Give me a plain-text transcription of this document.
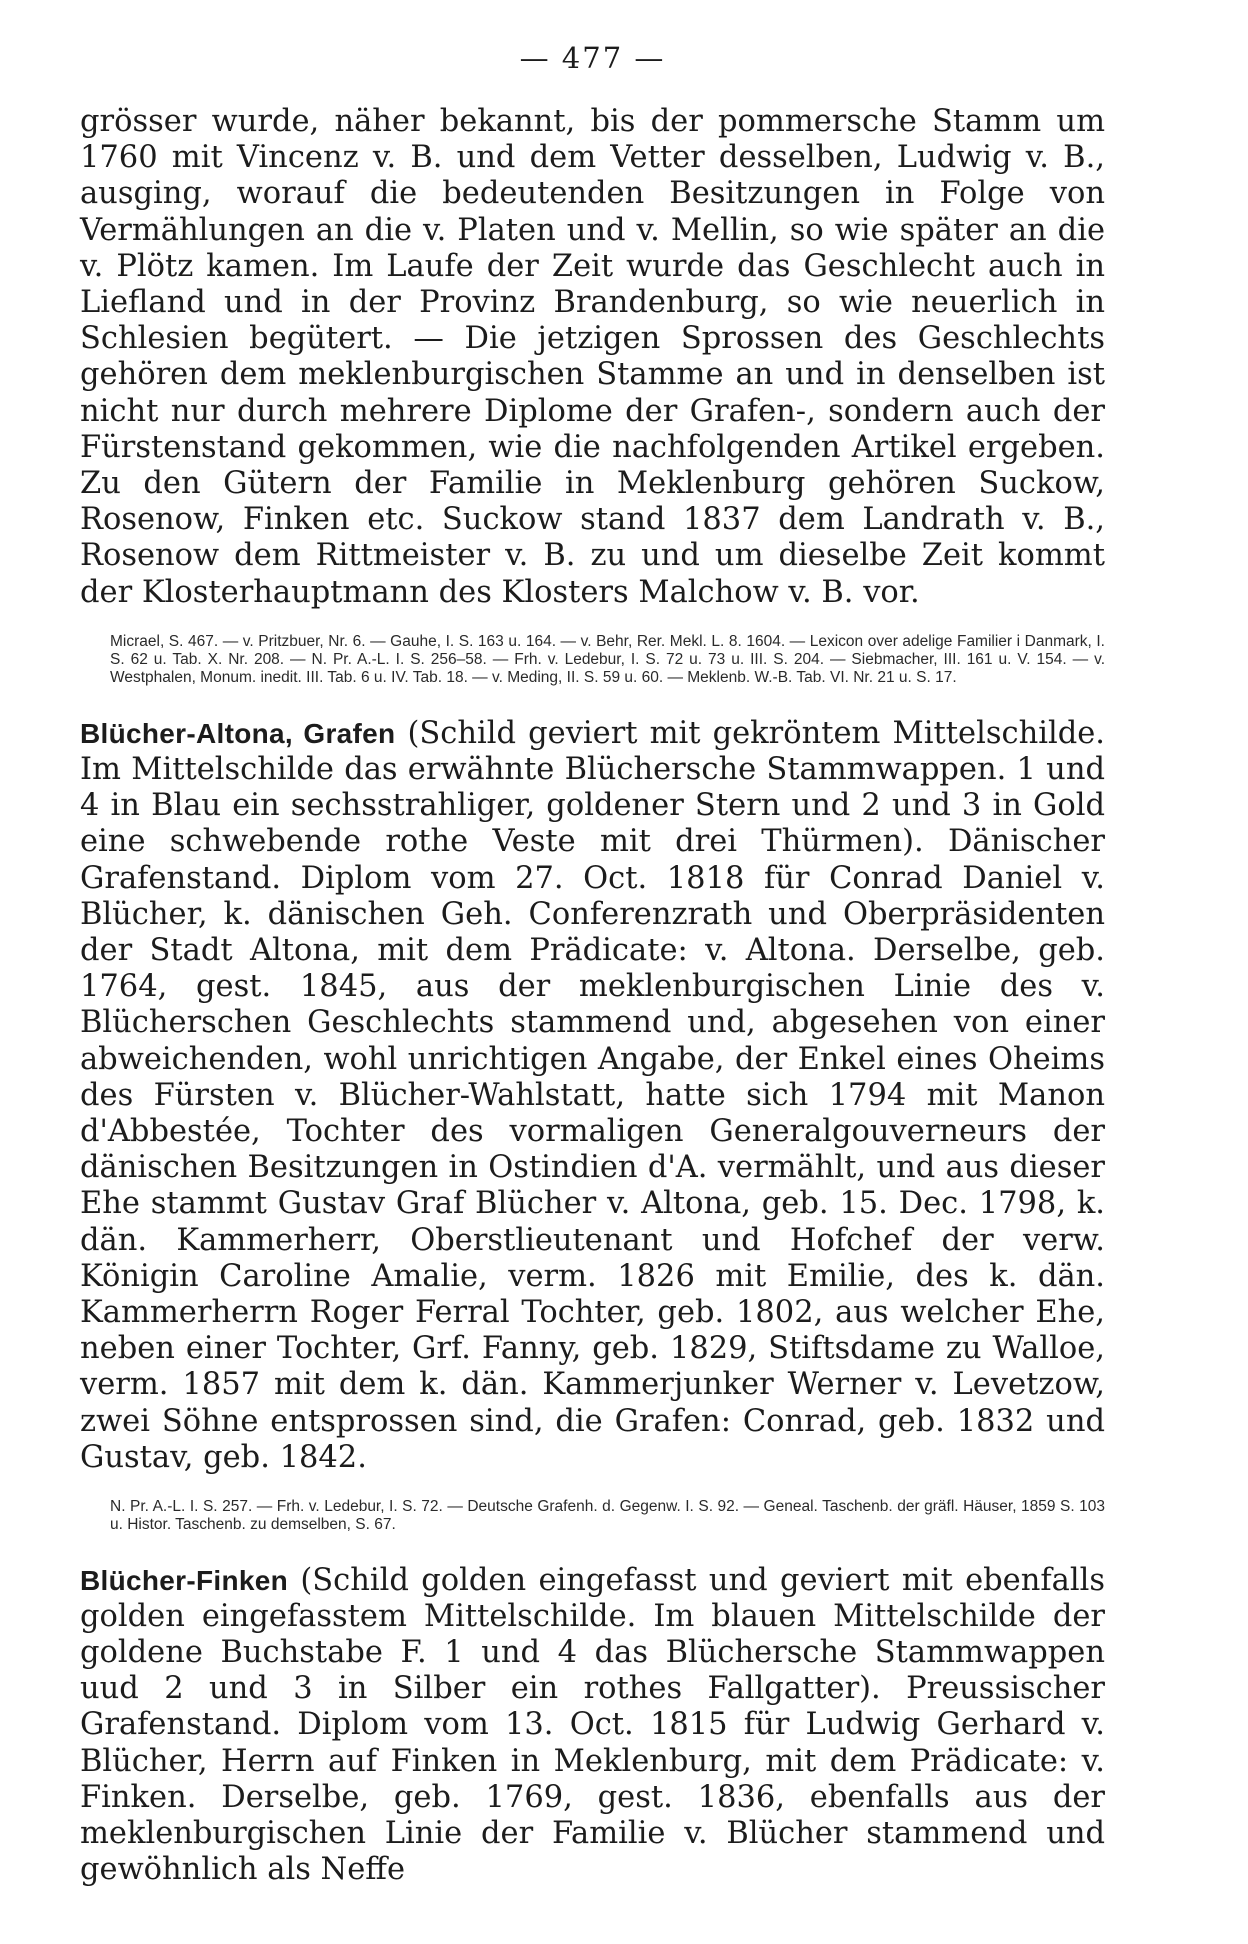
— 477 —

grösser wurde, näher bekannt, bis der pommersche Stamm um 1760 mit Vincenz v. B. und dem Vetter desselben, Ludwig v. B., ausging, worauf die bedeutenden Besitzungen in Folge von Vermählungen an die v. Platen und v. Mellin, so wie später an die v. Plötz kamen. Im Laufe der Zeit wurde das Geschlecht auch in Liefland und in der Provinz Brandenburg, so wie neuerlich in Schlesien begütert. — Die jetzigen Sprossen des Geschlechts gehören dem meklenburgischen Stamme an und in denselben ist nicht nur durch mehrere Diplome der Grafen-, sondern auch der Fürstenstand gekommen, wie die nachfolgenden Artikel ergeben. Zu den Gütern der Familie in Meklenburg gehören Suckow, Rosenow, Finken etc. Suckow stand 1837 dem Landrath v. B., Rosenow dem Rittmeister v. B. zu und um dieselbe Zeit kommt der Klosterhauptmann des Klosters Malchow v. B. vor.

Micrael, S. 467. — v. Pritzbuer, Nr. 6. — Gauhe, I. S. 163 u. 164. — v. Behr, Rer. Mekl. L. 8. 1604. — Lexicon over adelige Familier i Danmark, I. S. 62 u. Tab. X. Nr. 208. — N. Pr. A.-L. I. S. 256–58. — Frh. v. Ledebur, I. S. 72 u. 73 u. III. S. 204. — Siebmacher, III. 161 u. V. 154. — v. Westphalen, Monum. inedit. III. Tab. 6 u. IV. Tab. 18. — v. Meding, II. S. 59 u. 60. — Meklenb. W.-B. Tab. VI. Nr. 21 u. S. 17.

Blücher-Altona, Grafen (Schild geviert mit gekröntem Mittelschilde. Im Mittelschilde das erwähnte Blüchersche Stammwappen. 1 und 4 in Blau ein sechsstrahliger, goldener Stern und 2 und 3 in Gold eine schwebende rothe Veste mit drei Thürmen). Dänischer Grafenstand. Diplom vom 27. Oct. 1818 für Conrad Daniel v. Blücher, k. dänischen Geh. Conferenzrath und Oberpräsidenten der Stadt Altona, mit dem Prädicate: v. Altona. Derselbe, geb. 1764, gest. 1845, aus der meklenburgischen Linie des v. Blücherschen Geschlechts stammend und, abgesehen von einer abweichenden, wohl unrichtigen Angabe, der Enkel eines Oheims des Fürsten v. Blücher-Wahlstatt, hatte sich 1794 mit Manon d'Abbestée, Tochter des vormaligen Generalgouverneurs der dänischen Besitzungen in Ostindien d'A. vermählt, und aus dieser Ehe stammt Gustav Graf Blücher v. Altona, geb. 15. Dec. 1798, k. dän. Kammerherr, Oberstlieutenant und Hofchef der verw. Königin Caroline Amalie, verm. 1826 mit Emilie, des k. dän. Kammerherrn Roger Ferral Tochter, geb. 1802, aus welcher Ehe, neben einer Tochter, Grf. Fanny, geb. 1829, Stiftsdame zu Walloe, verm. 1857 mit dem k. dän. Kammerjunker Werner v. Levetzow, zwei Söhne entsprossen sind, die Grafen: Conrad, geb. 1832 und Gustav, geb. 1842.

N. Pr. A.-L. I. S. 257. — Frh. v. Ledebur, I. S. 72. — Deutsche Grafenh. d. Gegenw. I. S. 92. — Geneal. Taschenb. der gräfl. Häuser, 1859 S. 103 u. Histor. Taschenb. zu demselben, S. 67.

Blücher-Finken (Schild golden eingefasst und geviert mit ebenfalls golden eingefasstem Mittelschilde. Im blauen Mittelschilde der goldene Buchstabe F. 1 und 4 das Blüchersche Stammwappen uud 2 und 3 in Silber ein rothes Fallgatter). Preussischer Grafenstand. Diplom vom 13. Oct. 1815 für Ludwig Gerhard v. Blücher, Herrn auf Finken in Meklenburg, mit dem Prädicate: v. Finken. Derselbe, geb. 1769, gest. 1836, ebenfalls aus der meklenburgischen Linie der Familie v. Blücher stammend und gewöhnlich als Neffe
